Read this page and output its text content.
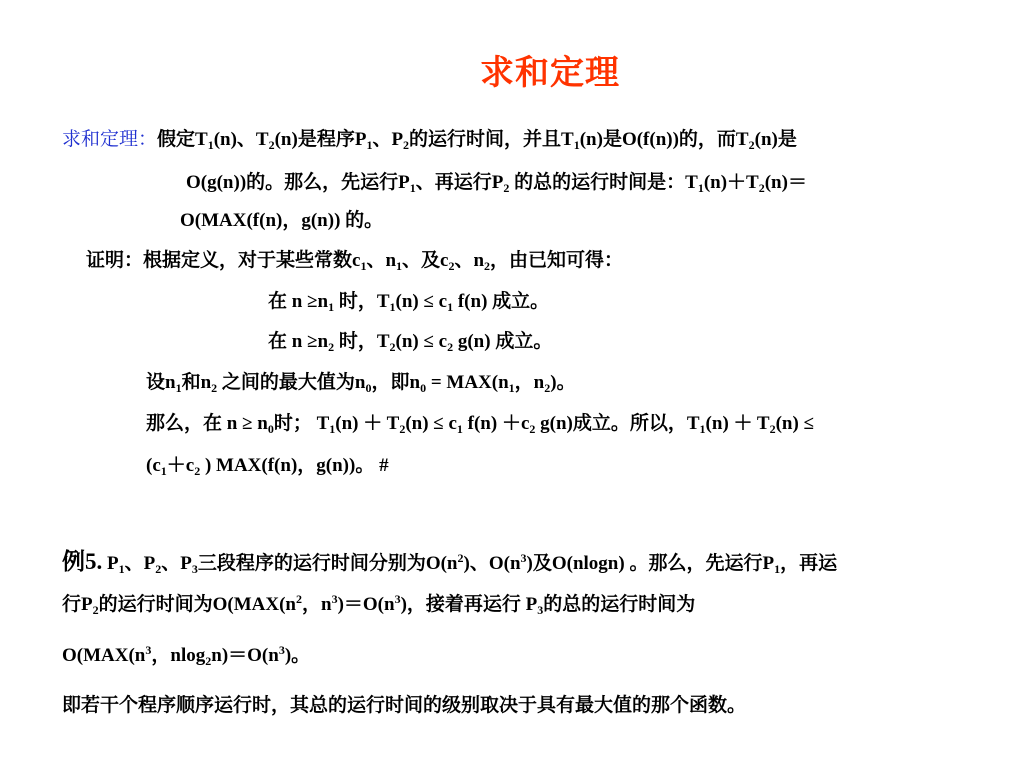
求和定理
求和定理：假定$T_1(n)$、$T_2(n)$是程序$P_1$、$P_2$的运行时间，并且$T_1(n)$是O(f(n))的，而$T_2(n)$是
O(g(n))的。那么，先运行$P_1$、再运行$P_2$ 的总的运行时间是：$T_1(n)+T_2(n)=$
O(MAX(f(n)，g(n)) 的。
证明：根据定义，对于某些常数$c_1$、$n_1$、及$c_2$、$n_2$，由已知可得：
在 $n \ge n_1$ 时，$T_1(n) \le c_1$ f(n) 成立。
在 $n \ge n_2$ 时，$T_2(n) \le c_2$ g(n) 成立。
设$n_1$和$n_2$ 之间的最大值为$n_0$，即$n_0 = MAX(n_1$，$n_2$)。
那么，在 $n \ge n_0$时； $T_1(n) + T_2(n) \le c_1$ $f(n) +c_2$ g(n)成立。所以，$T_1(n) + T_2(n)$ ≤
($c_1+c_2$ ) MAX(f(n)，g(n))。 #
例5. $P_1$、$P_2$、$P_3$三段程序的运行时间分别为$O(n^2)$、$O(n^3)$及O(nlogn) 。那么，先运行$P_1$，再运
行$P_2$的运行时间为$O(MAX(n^2$，$n^3)=O(n^3)$，接着再运行 $P_3$的总的运行时间为
$O(MAX(n^3$，$nlog_2n)=O(n^3)$。
即若干个程序顺序运行时，其总的运行时间的级别取决于具有最大值的那个函数。
